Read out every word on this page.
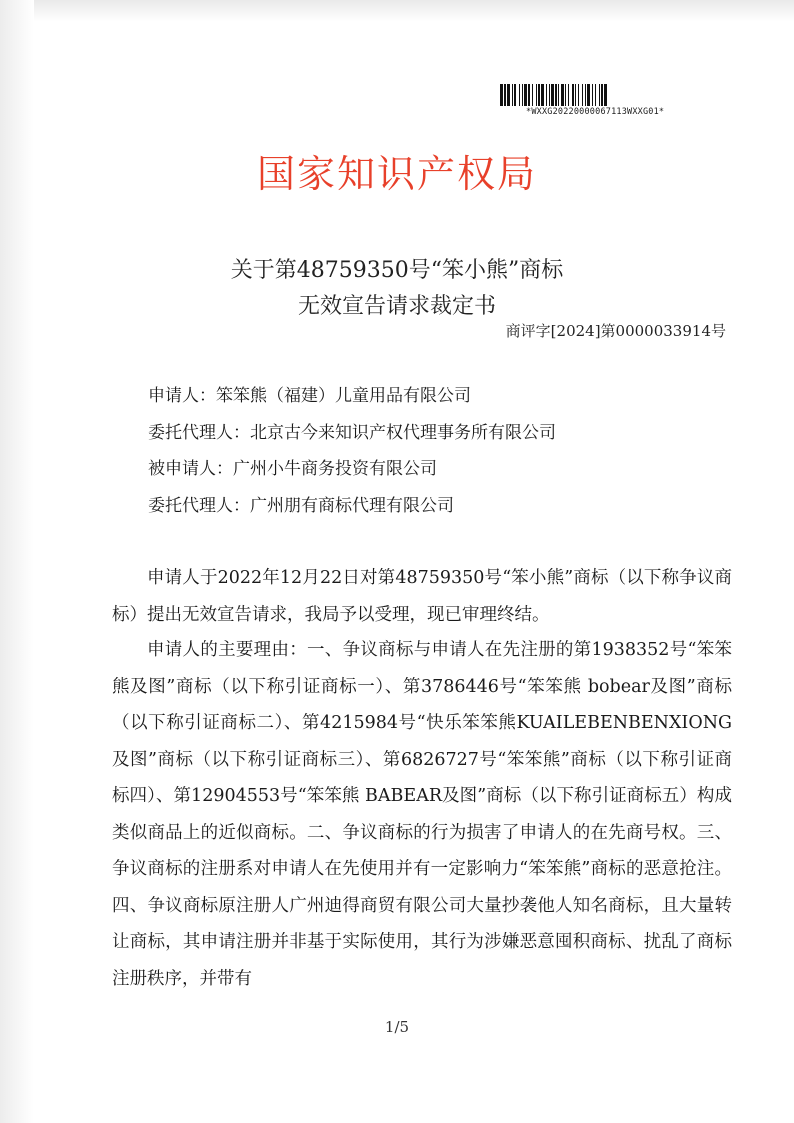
*WXXG20220000067113WXXG01*
国家知识产权局
关于第48759350号“笨小熊”商标
无效宣告请求裁定书
商评字[2024]第0000033914号
申请人：笨笨熊（福建）儿童用品有限公司
委托代理人：北京古今来知识产权代理事务所有限公司
被申请人：广州小牛商务投资有限公司
委托代理人：广州朋有商标代理有限公司
申请人于2022年12月22日对第48759350号“笨小熊”商标（以下称争议商标）提出无效宣告请求，我局予以受理，现已审理终结。
申请人的主要理由：一、争议商标与申请人在先注册的第1938352号“笨笨熊及图”商标（以下称引证商标一）、第3786446号“笨笨熊 bobear及图”商标（以下称引证商标二）、第4215984号“快乐笨笨熊KUAILEBENBENXIONG及图”商标（以下称引证商标三）、第6826727号“笨笨熊”商标（以下称引证商标四）、第12904553号“笨笨熊 BABEAR及图”商标（以下称引证商标五）构成类似商品上的近似商标。二、争议商标的行为损害了申请人的在先商号权。三、争议商标的注册系对申请人在先使用并有一定影响力“笨笨熊”商标的恶意抢注。四、争议商标原注册人广州迪得商贸有限公司大量抄袭他人知名商标，且大量转让商标，其申请注册并非基于实际使用，其行为涉嫌恶意囤积商标、扰乱了商标注册秩序，并带有
1/5
